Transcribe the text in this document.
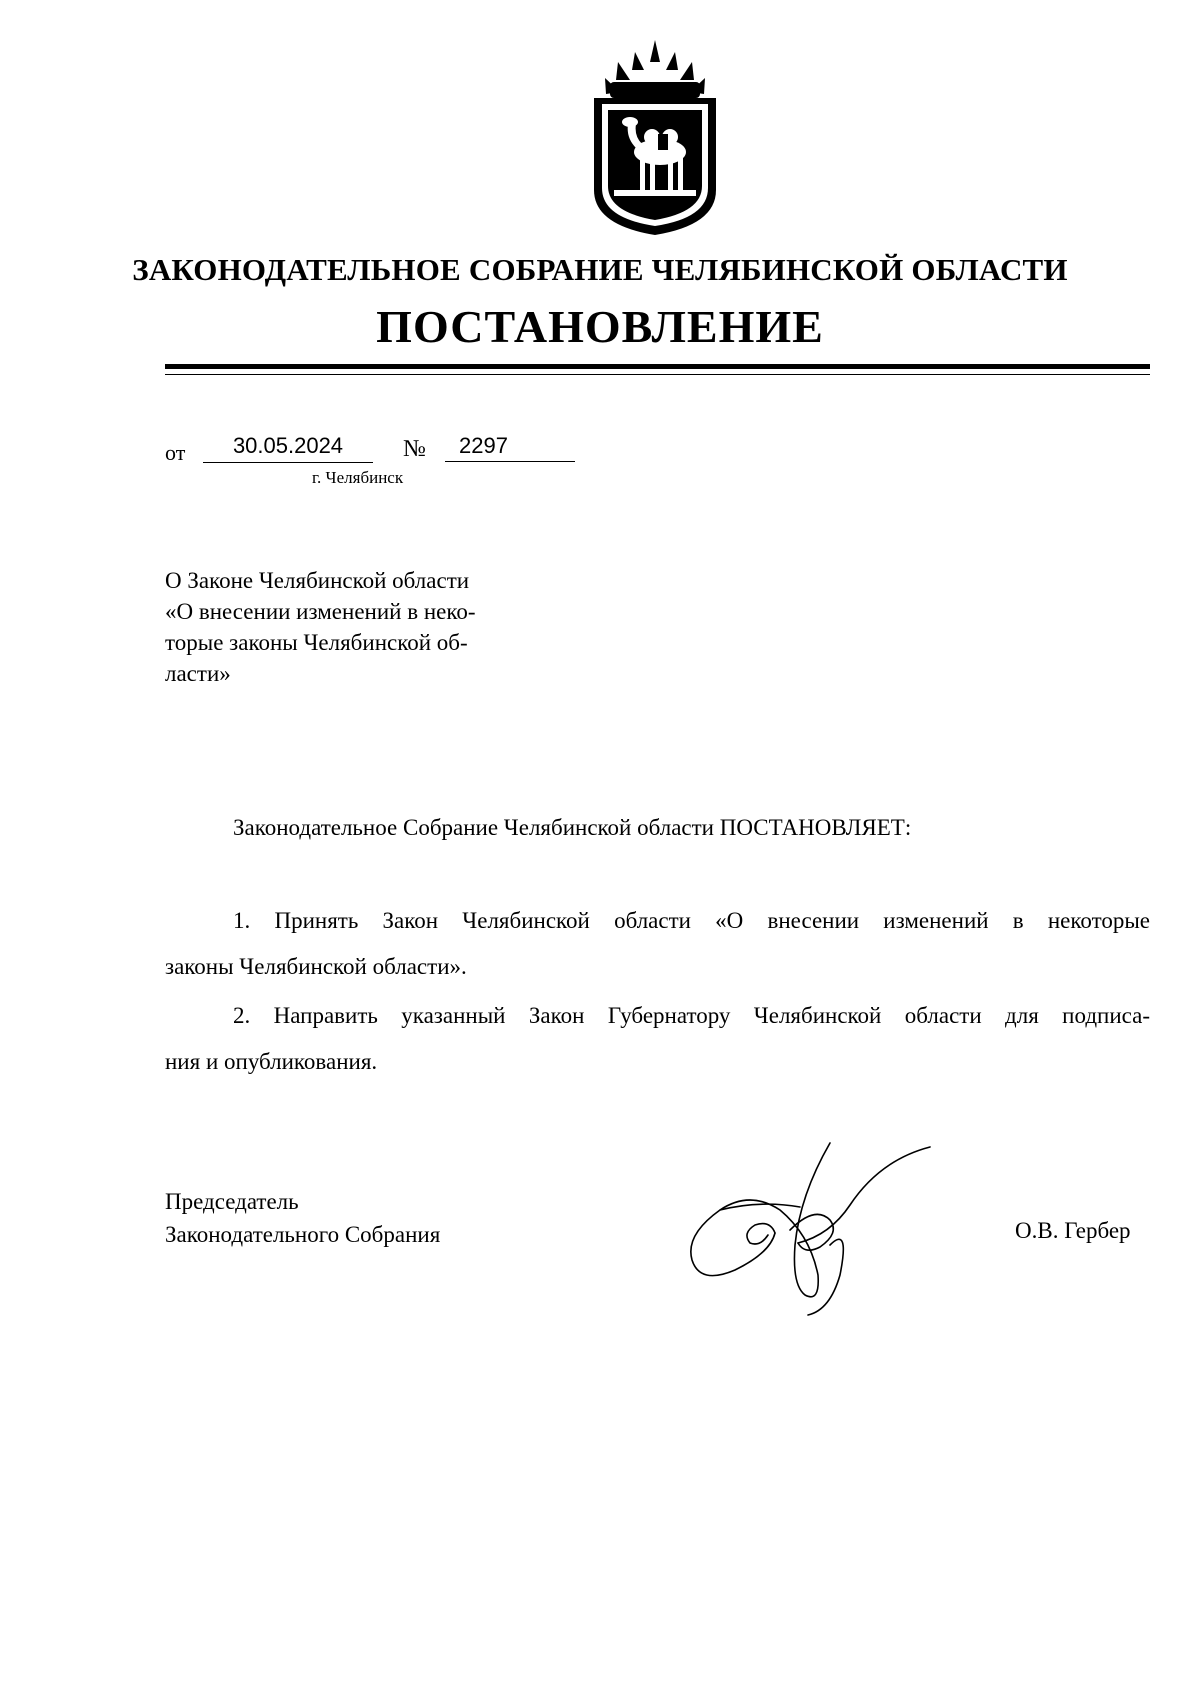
ЗАКОНОДАТЕЛЬНОЕ СОБРАНИЕ ЧЕЛЯБИНСКОЙ ОБЛАСТИ
ПОСТАНОВЛЕНИЕ
от	30.05.2024	№	2297
г. Челябинск
О Законе Челябинской области
«О внесении изменений в неко-
торые законы Челябинской об-
ласти»
Законодательное Собрание Челябинской области ПОСТАНОВЛЯЕТ:
1. Принять Закон Челябинской области «О внесении изменений в некоторые
законы Челябинской области».
2. Направить указанный Закон Губернатору Челябинской области для подписа-
ния и опубликования.
Председатель
Законодательного Собрания	О.В. Гербер
